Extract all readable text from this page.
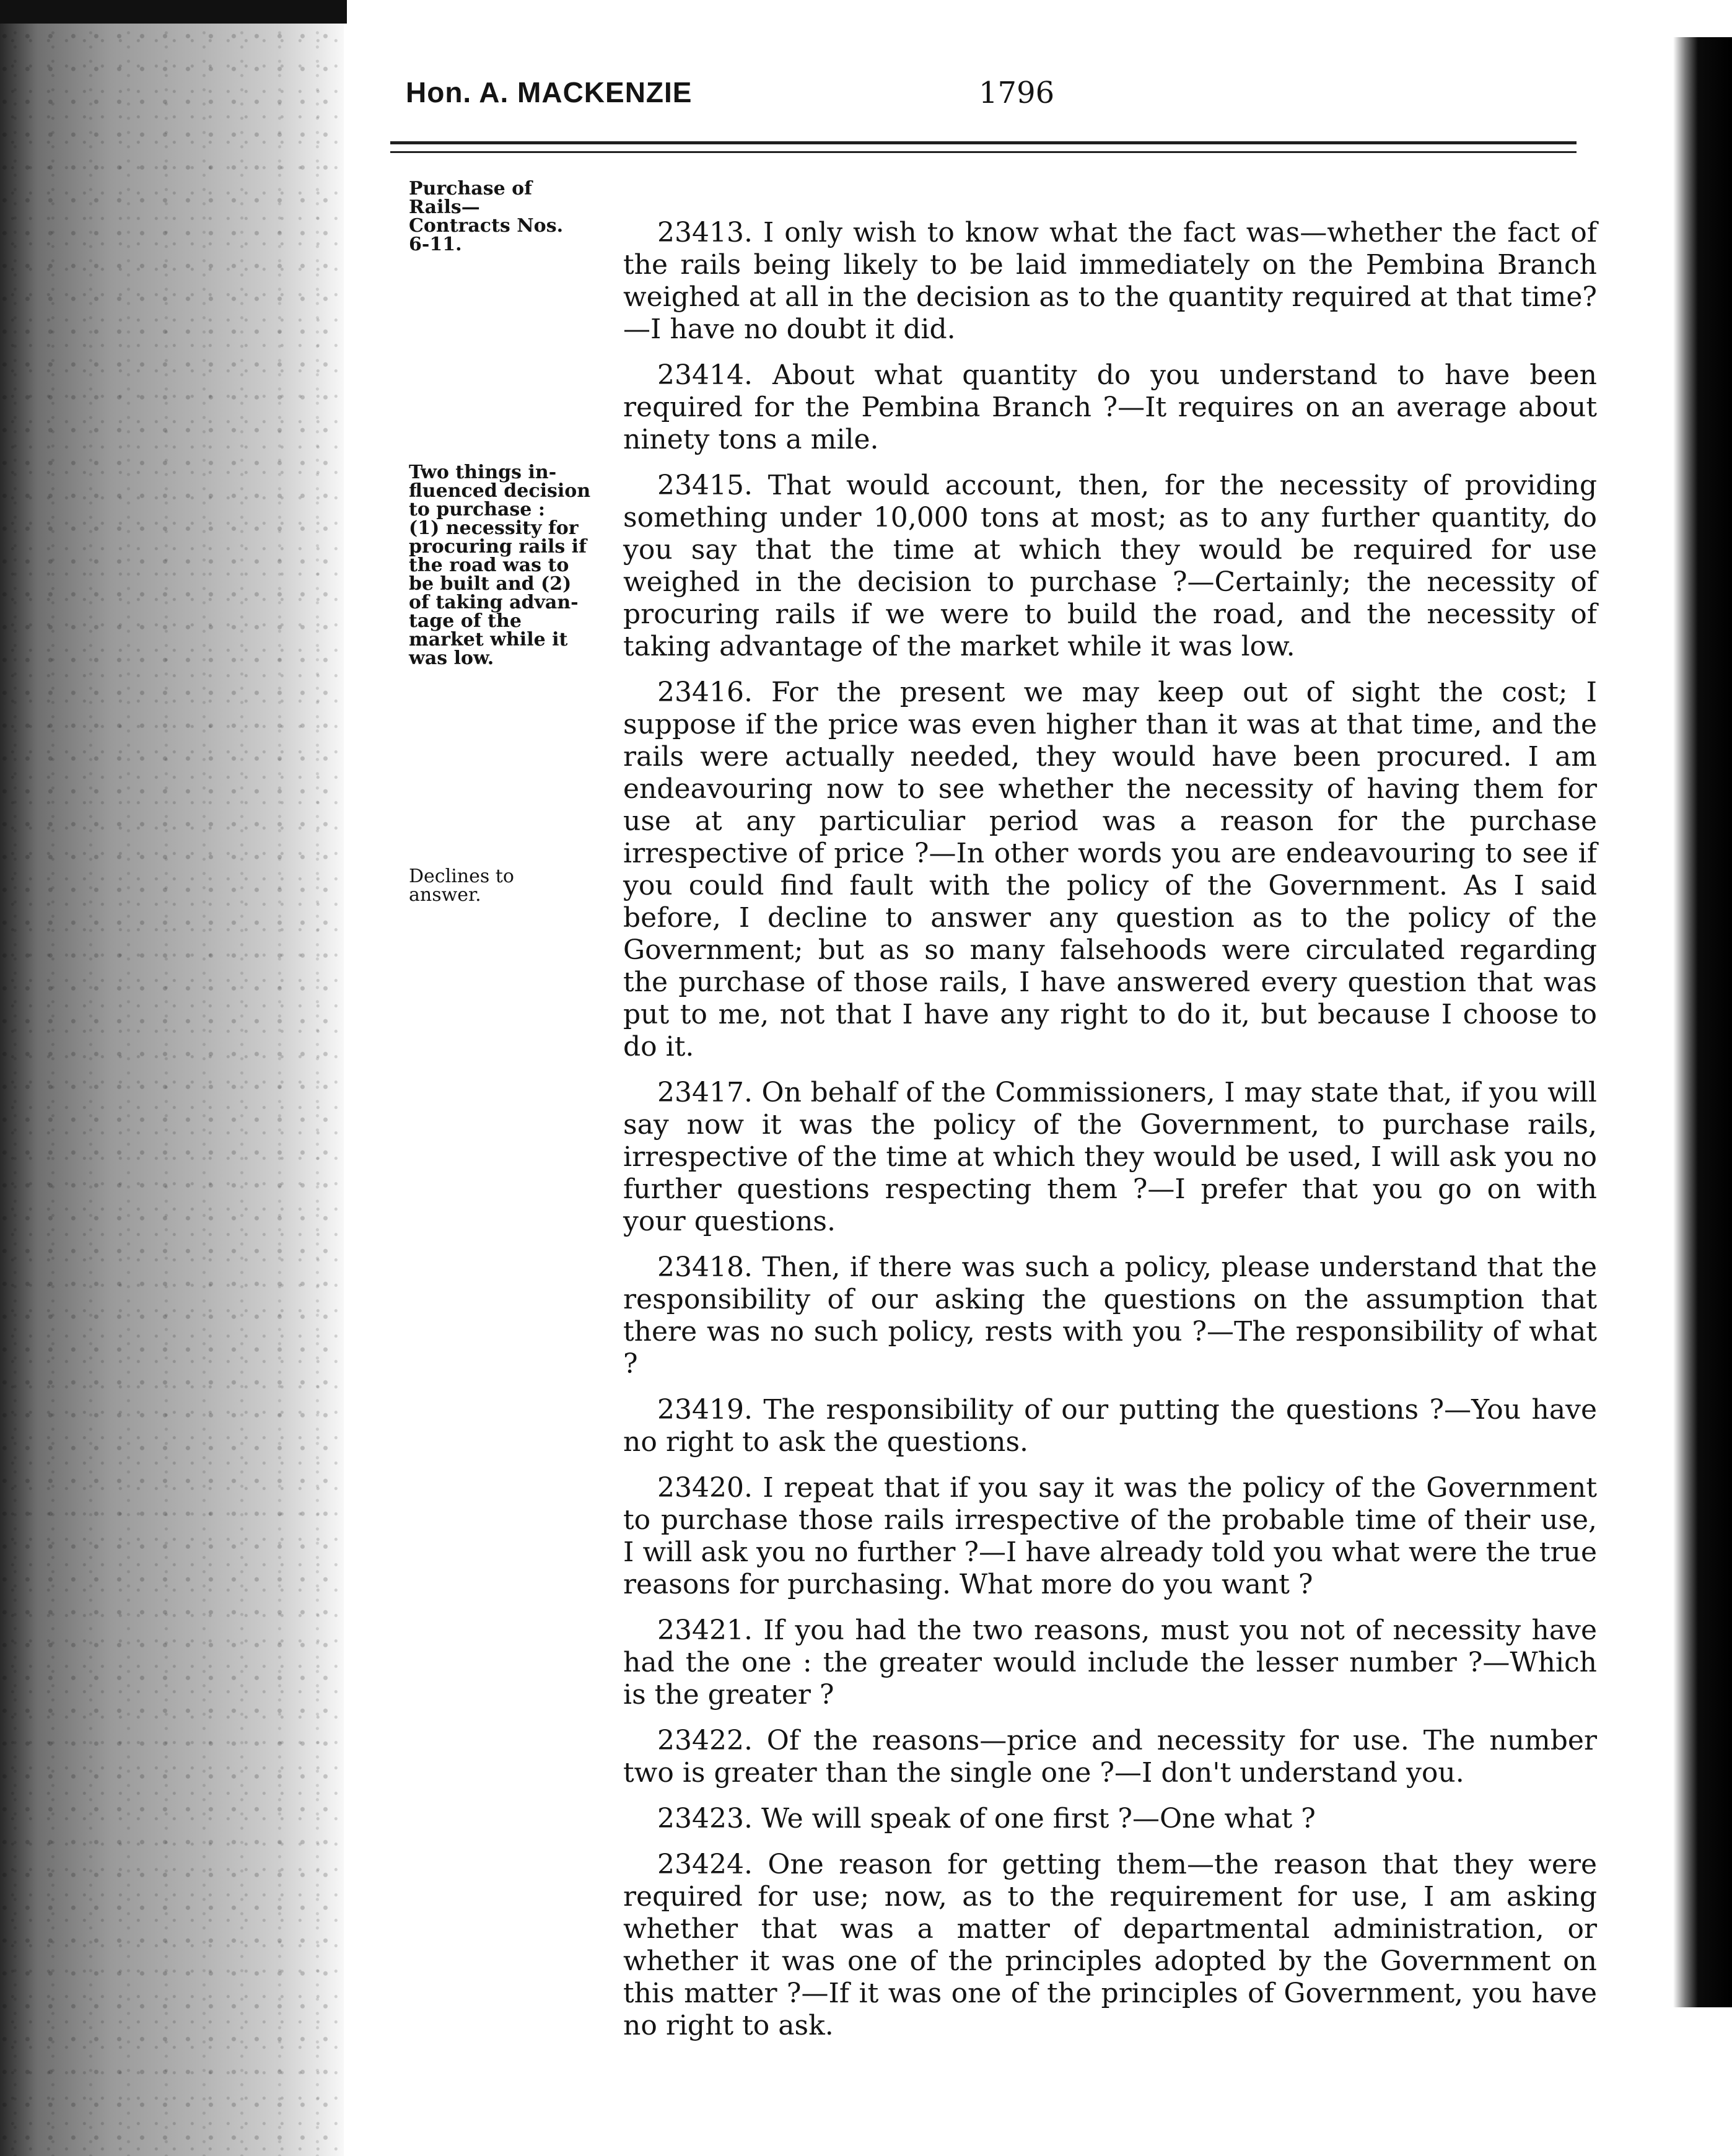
Hon. A. MACKENZIE	1796
Purchase of
Rails—
Contracts Nos.
6-11.
Two things in-
fluenced decision
to purchase :
(1) necessity for
procuring rails if
the road was to
be built and (2)
of taking advan-
tage of the
market while it
was low.
Declines to
answer.

23413. I only wish to know what the fact was—whether the fact of the rails being likely to be laid immediately on the Pembina Branch weighed at all in the decision as to the quantity required at that time?—I have no doubt it did.

23414. About what quantity do you understand to have been required for the Pembina Branch ?—It requires on an average about ninety tons a mile.

23415. That would account, then, for the necessity of providing something under 10,000 tons at most; as to any further quantity, do you say that the time at which they would be required for use weighed in the decision to purchase ?—Certainly; the necessity of procuring rails if we were to build the road, and the necessity of taking advantage of the market while it was low.

23416. For the present we may keep out of sight the cost; I suppose if the price was even higher than it was at that time, and the rails were actually needed, they would have been procured. I am endeavouring now to see whether the necessity of having them for use at any particuliar period was a reason for the purchase irrespective of price ?—In other words you are endeavouring to see if you could find fault with the policy of the Government. As I said before, I decline to answer any question as to the policy of the Government; but as so many falsehoods were circulated regarding the purchase of those rails, I have answered every question that was put to me, not that I have any right to do it, but because I choose to do it.

23417. On behalf of the Commissioners, I may state that, if you will say now it was the policy of the Government, to purchase rails, irrespective of the time at which they would be used, I will ask you no further questions respecting them ?—I prefer that you go on with your questions.

23418. Then, if there was such a policy, please understand that the responsibility of our asking the questions on the assumption that there was no such policy, rests with you ?—The responsibility of what ?

23419. The responsibility of our putting the questions ?—You have no right to ask the questions.

23420. I repeat that if you say it was the policy of the Government to purchase those rails irrespective of the probable time of their use, I will ask you no further ?—I have already told you what were the true reasons for purchasing. What more do you want ?

23421. If you had the two reasons, must you not of necessity have had the one : the greater would include the lesser number ?—Which is the greater ?

23422. Of the reasons—price and necessity for use. The number two is greater than the single one ?—I don't understand you.

23423. We will speak of one first ?—One what ?

23424. One reason for getting them—the reason that they were required for use; now, as to the requirement for use, I am asking whether that was a matter of departmental administration, or whether it was one of the principles adopted by the Government on this matter ?—If it was one of the principles of Government, you have no right to ask.
